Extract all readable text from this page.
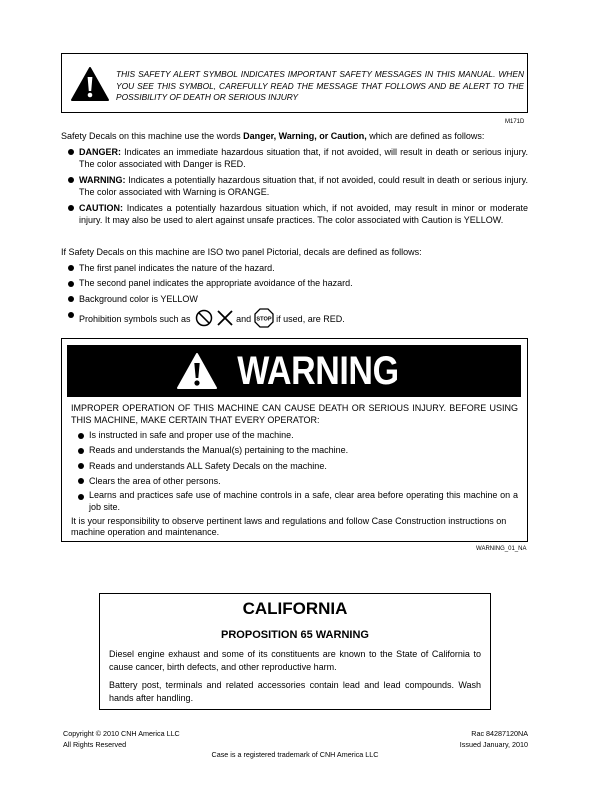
THIS SAFETY ALERT SYMBOL INDICATES IMPORTANT SAFETY MESSAGES IN THIS MANUAL. WHEN YOU SEE THIS SYMBOL, CAREFULLY READ THE MESSAGE THAT FOLLOWS AND BE ALERT TO THE POSSIBILITY OF DEATH OR SERIOUS INJURY
M171D
Safety Decals on this machine use the words Danger, Warning, or Caution, which are defined as follows:
DANGER: Indicates an immediate hazardous situation that, if not avoided, will result in death or serious injury. The color associated with Danger is RED.
WARNING: Indicates a potentially hazardous situation that, if not avoided, could result in death or serious injury. The color associated with Warning is ORANGE.
CAUTION: Indicates a potentially hazardous situation which, if not avoided, may result in minor or moderate injury. It may also be used to alert against unsafe practices. The color associated with Caution is YELLOW.
If Safety Decals on this machine are ISO two panel Pictorial, decals are defined as follows:
The first panel indicates the nature of the hazard.
The second panel indicates the appropriate avoidance of the hazard.
Background color is YELLOW
Prohibition symbols such as	and STOP if used, are RED.
WARNING
IMPROPER OPERATION OF THIS MACHINE CAN CAUSE DEATH OR SERIOUS INJURY. BEFORE USING THIS MACHINE, MAKE CERTAIN THAT EVERY OPERATOR:
Is instructed in safe and proper use of the machine.
Reads and understands the Manual(s) pertaining to the machine.
Reads and understands ALL Safety Decals on the machine.
Clears the area of other persons.
Learns and practices safe use of machine controls in a safe, clear area before operating this machine on a job site.
It is your responsibility to observe pertinent laws and regulations and follow Case Construction instructions on machine operation and maintenance.
WARNING_01_NA
CALIFORNIA
PROPOSITION 65 WARNING
Diesel engine exhaust and some of its constituents are known to the State of California to cause cancer, birth defects, and other reproductive harm.
Battery post, terminals and related accessories contain lead and lead compounds. Wash hands after handling.
Copyright © 2010 CNH America LLC
All Rights Reserved
Rac 84287120NA
Issued January, 2010
Case is a registered trademark of CNH America LLC
